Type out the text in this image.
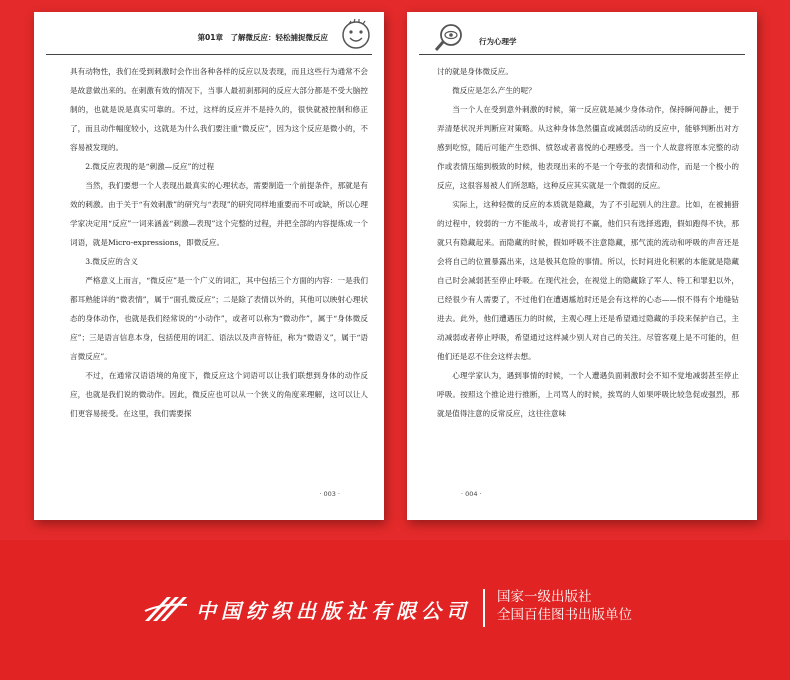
第01章　了解微反应：轻松捕捉微反应

具有动物性，我们在受到刺激时会作出各种各样的反应以及表现，而且这些行为通常不会是故意做出来的。在刺激有效的情况下，当事人最初刹那间的反应大部分都是不受大脑控制的，也就是说是真实可靠的。不过，这样的反应并不是持久的，很快就被控制和修正了，而且动作幅度较小，这就是为什么我们要注重“微反应”，因为这个反应是微小的，不容易被发现的。

2.微反应表现的是“刺激—反应”的过程

当然，我们要想一个人表现出最真实的心理状态，需要制造一个前提条件，那就是有效的刺激。由于关于“有效刺激”的研究与“表现”的研究同样地重要而不可或缺，所以心理学家决定用“反应”一词来涵盖“刺激—表现”这个完整的过程，并把全部的内容提炼成一个词语，就是Micro-expressions，即微反应。

3.微反应的含义

严格意义上而言，“微反应”是一个广义的词汇，其中包括三个方面的内容：一是我们都耳熟能详的“微表情”，属于“面孔微反应”；二是除了表情以外的，其他可以映射心理状态的身体动作，也就是我们经常说的“小动作”，或者可以称为“微动作”，属于“身体微反应”；三是语言信息本身，包括使用的词汇、语法以及声音特征，称为“微语义”，属于“语言微反应”。

不过，在通常汉语语境的角度下，微反应这个词语可以让我们联想到身体的动作反应，也就是我们说的微动作。因此，微反应也可以从一个狭义的角度来理解，这可以让人们更容易接受。在这里，我们需要探

· 003 ·
行为心理学

讨的就是身体微反应。

微反应是怎么产生的呢？

当一个人在受到意外刺激的时候，第一反应就是减少身体动作，保持瞬间静止，便于弄清楚状况并判断应对策略。从这种身体急然僵直或减弱活动的反应中，能够判断出对方感到吃惊，随后可能产生恐惧、愤怒或者喜悦的心理感受。当一个人故意将原本完整的动作或表情压缩到极致的时候，他表现出来的不是一个夸张的表情和动作，而是一个极小的反应，这很容易被人们所忽略，这种反应其实就是一个微弱的反应。

实际上，这种轻微的反应的本质就是隐藏，为了不引起别人的注意。比如，在被捕猎的过程中，较弱的一方不能战斗，或者说打不赢，他们只有选择逃跑，假如跑得不快，那就只有隐藏起来。而隐藏的时候，假如呼吸不注意隐藏，那气流的流动和呼吸的声音还是会将自己的位置暴露出来，这是极其危险的事情。所以，长时间进化积累的本能就是隐藏自己时会减弱甚至停止呼吸。在现代社会，在视觉上的隐藏除了军人、特工和罪犯以外，已经很少有人需要了，不过他们在遭遇尴尬时还是会有这样的心态——恨不得有个地缝钻进去。此外，他们遭遇压力的时候，主观心理上还是希望通过隐藏的手段来保护自己，主动减弱或者停止呼吸，希望通过这样减少别人对自己的关注。尽管客观上是不可能的，但他们还是忍不住会这样去想。

心理学家认为，遇到事情的时候，一个人遭遇负面刺激时会不知不觉地减弱甚至停止呼吸。按照这个推论进行推断，上司骂人的时候，挨骂的人如果呼吸比较急促或强烈，那就是值得注意的反常反应，这往往意味

· 004 ·
中国纺织出版社有限公司
国家一级出版社
全国百佳图书出版单位
